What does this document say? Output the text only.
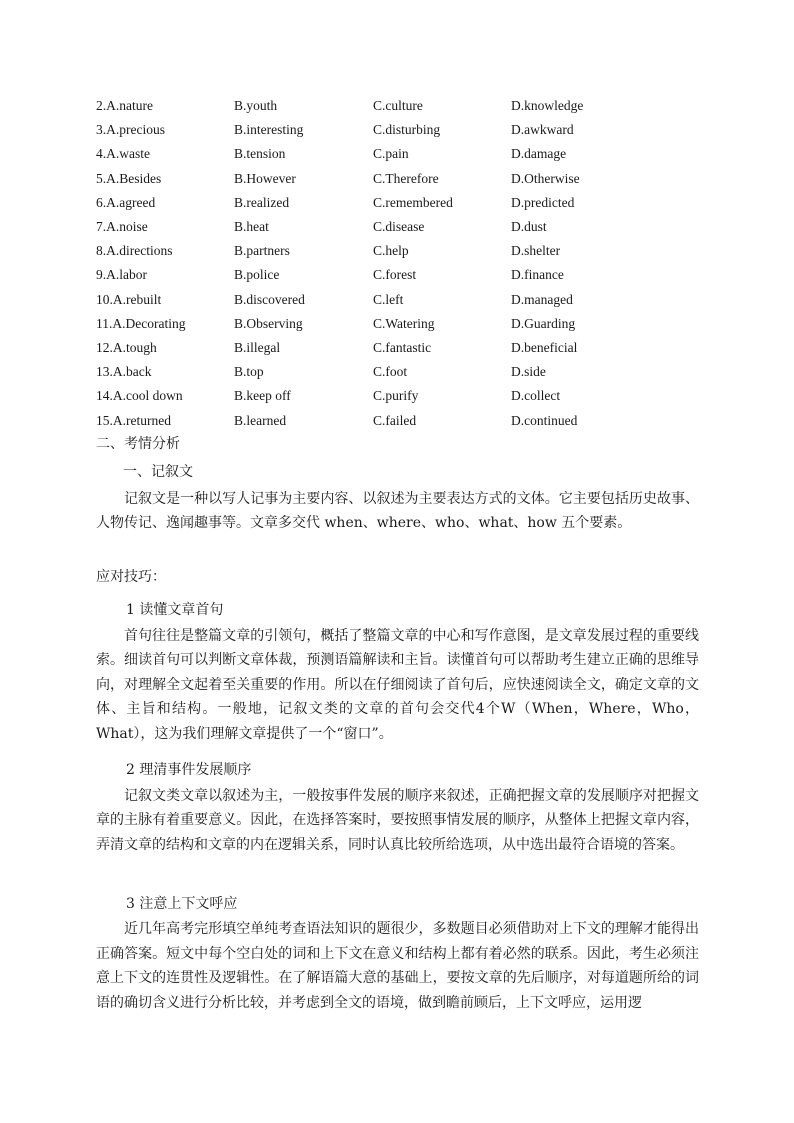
2.A.nature	B.youth	C.culture	D.knowledge
3.A.precious	B.interesting	C.disturbing	D.awkward
4.A.waste	B.tension	C.pain	D.damage
5.A.Besides	B.However	C.Therefore	D.Otherwise
6.A.agreed	B.realized	C.remembered	D.predicted
7.A.noise	B.heat	C.disease	D.dust
8.A.directions	B.partners	C.help	D.shelter
9.A.labor	B.police	C.forest	D.finance
10.A.rebuilt	B.discovered	C.left	D.managed
11.A.Decorating	B.Observing	C.Watering	D.Guarding
12.A.tough	B.illegal	C.fantastic	D.beneficial
13.A.back	B.top	C.foot	D.side
14.A.cool down	B.keep off	C.purify	D.collect
15.A.returned	B.learned	C.failed	D.continued
二、考情分析
一、记叙文
记叙文是一种以写人记事为主要内容、以叙述为主要表达方式的文体。它主要包括历史故事、人物传记、逸闻趣事等。文章多交代 when、where、who、what、how 五个要素。
应对技巧：
1 读懂文章首句
首句往往是整篇文章的引领句，概括了整篇文章的中心和写作意图，是文章发展过程的重要线索。细读首句可以判断文章体裁，预测语篇解读和主旨。读懂首句可以帮助考生建立正确的思维导向，对理解全文起着至关重要的作用。所以在仔细阅读了首句后，应快速阅读全文，确定文章的文体、主旨和结构。一般地，记叙文类的文章的首句会交代4个W（When，Where，Who，What），这为我们理解文章提供了一个“窗口”。
2 理清事件发展顺序
记叙文类文章以叙述为主，一般按事件发展的顺序来叙述，正确把握文章的发展顺序对把握文章的主脉有着重要意义。因此，在选择答案时，要按照事情发展的顺序，从整体上把握文章内容，弄清文章的结构和文章的内在逻辑关系，同时认真比较所给选项，从中选出最符合语境的答案。
3 注意上下文呼应
近几年高考完形填空单纯考查语法知识的题很少，多数题目必须借助对上下文的理解才能得出正确答案。短文中每个空白处的词和上下文在意义和结构上都有着必然的联系。因此，考生必须注意上下文的连贯性及逻辑性。在了解语篇大意的基础上，要按文章的先后顺序，对每道题所给的词语的确切含义进行分析比较，并考虑到全文的语境，做到瞻前顾后，上下文呼应，运用逻
